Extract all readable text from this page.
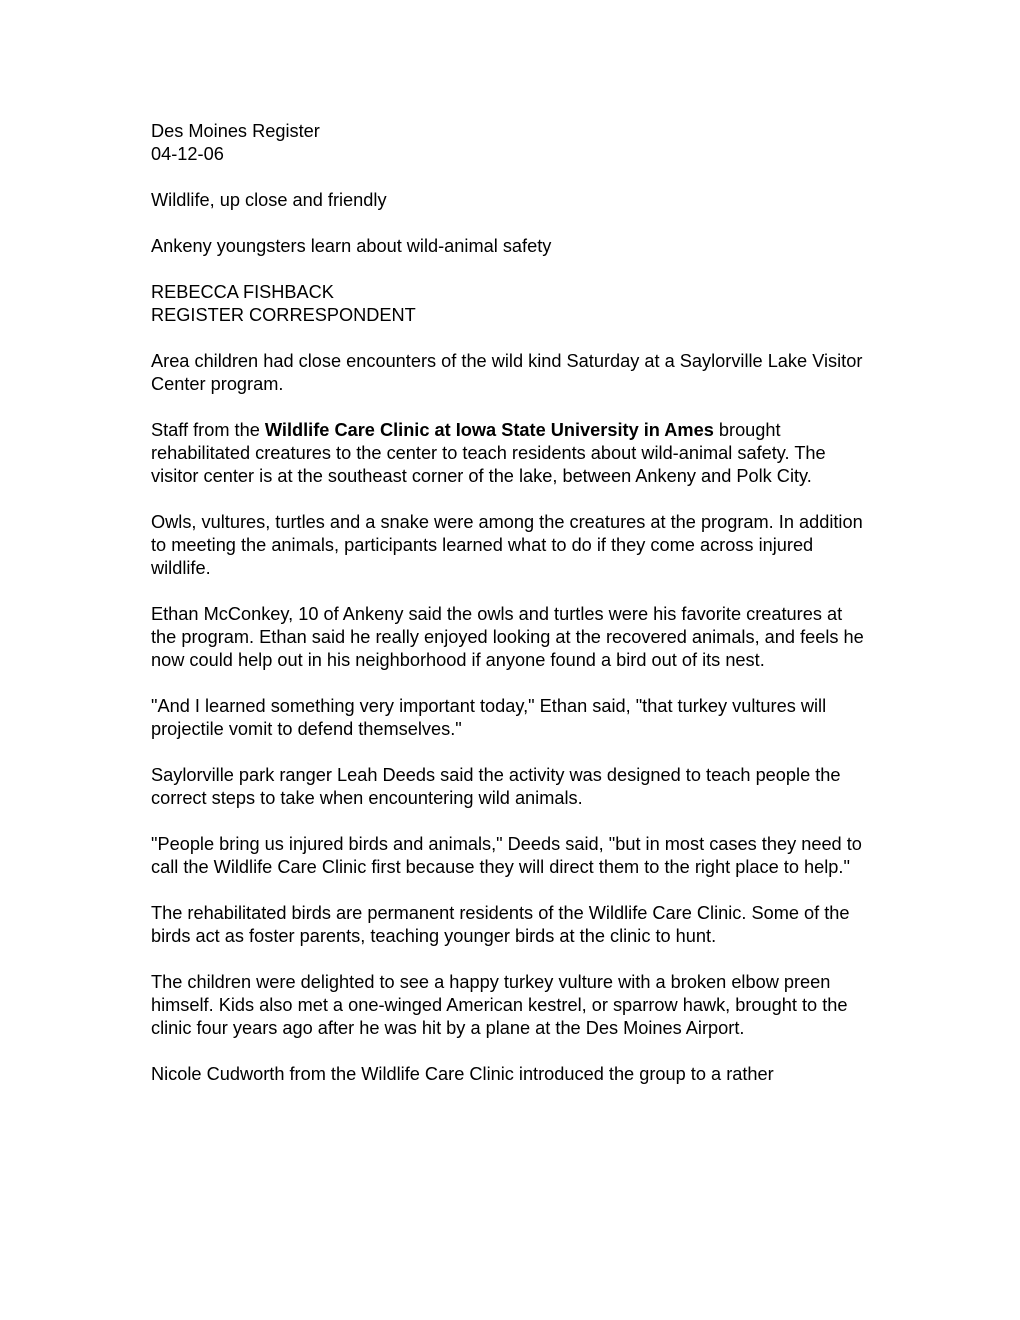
Des Moines Register
04-12-06

Wildlife, up close and friendly

Ankeny youngsters learn about wild-animal safety

REBECCA FISHBACK
REGISTER CORRESPONDENT

Area children had close encounters of the wild kind Saturday at a Saylorville Lake Visitor Center program.

Staff from the Wildlife Care Clinic at Iowa State University in Ames brought rehabilitated creatures to the center to teach residents about wild-animal safety. The visitor center is at the southeast corner of the lake, between Ankeny and Polk City.

Owls, vultures, turtles and a snake were among the creatures at the program. In addition to meeting the animals, participants learned what to do if they come across injured wildlife.

Ethan McConkey, 10 of Ankeny said the owls and turtles were his favorite creatures at the program. Ethan said he really enjoyed looking at the recovered animals, and feels he now could help out in his neighborhood if anyone found a bird out of its nest.

"And I learned something very important today," Ethan said, "that turkey vultures will projectile vomit to defend themselves."

Saylorville park ranger Leah Deeds said the activity was designed to teach people the correct steps to take when encountering wild animals.

"People bring us injured birds and animals," Deeds said, "but in most cases they need to call the Wildlife Care Clinic first because they will direct them to the right place to help."

The rehabilitated birds are permanent residents of the Wildlife Care Clinic. Some of the birds act as foster parents, teaching younger birds at the clinic to hunt.

The children were delighted to see a happy turkey vulture with a broken elbow preen himself. Kids also met a one-winged American kestrel, or sparrow hawk, brought to the clinic four years ago after he was hit by a plane at the Des Moines Airport.

Nicole Cudworth from the Wildlife Care Clinic introduced the group to a rather
